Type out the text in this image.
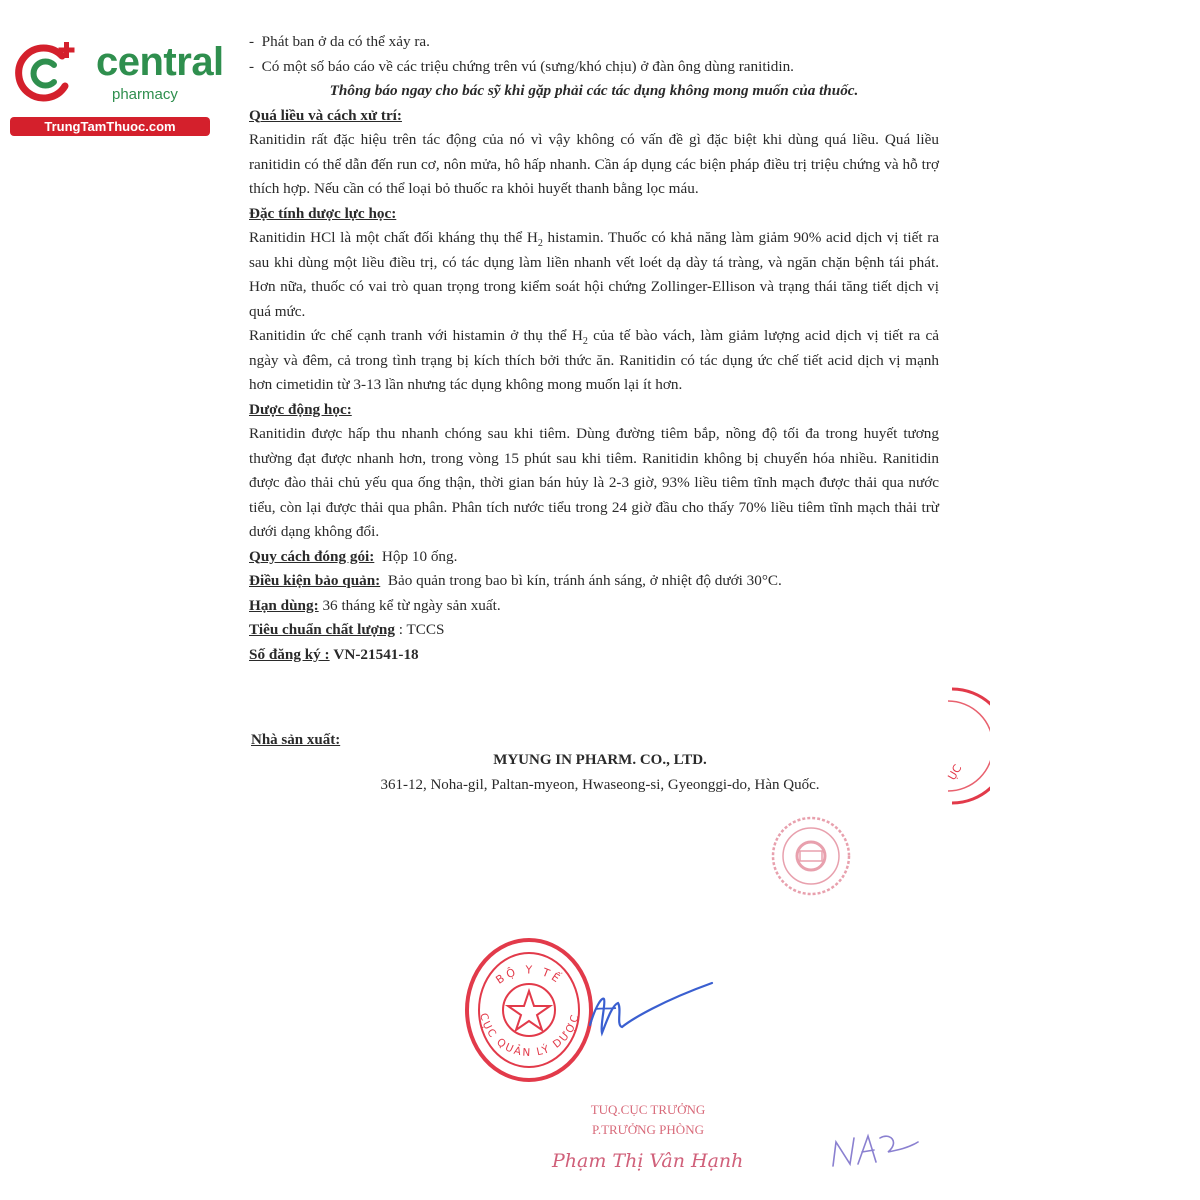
central
pharmacy
TrungTamThuoc.com

-  Phát ban ở da có thể xảy ra.

-  Có một số báo cáo về các triệu chứng trên vú (sưng/khó chịu) ở đàn ông dùng ranitidin.

Thông báo ngay cho bác sỹ khi gặp phải các tác dụng không mong muốn của thuốc.

Quá liều và cách xử trí:

Ranitidin rất đặc hiệu trên tác động của nó vì vậy không có vấn đề gì đặc biệt khi dùng quá liều. Quá liều ranitidin có thể dẫn đến run cơ, nôn mửa, hô hấp nhanh. Cần áp dụng các biện pháp điều trị triệu chứng và hỗ trợ thích hợp. Nếu cần có thể loại bỏ thuốc ra khỏi huyết thanh bằng lọc máu.

Đặc tính dược lực học:

Ranitidin HCl là một chất đối kháng thụ thể $H_2$ histamin. Thuốc có khả năng làm giảm 90% acid dịch vị tiết ra sau khi dùng một liều điều trị, có tác dụng làm liền nhanh vết loét dạ dày tá tràng, và ngăn chặn bệnh tái phát. Hơn nữa, thuốc có vai trò quan trọng trong kiểm soát hội chứng Zollinger-Ellison và trạng thái tăng tiết dịch vị quá mức.

Ranitidin ức chế cạnh tranh với histamin ở thụ thể $H_2$ của tế bào vách, làm giảm lượng acid dịch vị tiết ra cả ngày và đêm, cả trong tình trạng bị kích thích bởi thức ăn. Ranitidin có tác dụng ức chế tiết acid dịch vị mạnh hơn cimetidin từ 3-13 lần nhưng tác dụng không mong muốn lại ít hơn.

Dược động học:

Ranitidin được hấp thu nhanh chóng sau khi tiêm. Dùng đường tiêm bắp, nồng độ tối đa trong huyết tương thường đạt được nhanh hơn, trong vòng 15 phút sau khi tiêm. Ranitidin không bị chuyển hóa nhiều. Ranitidin được đào thải chủ yếu qua ống thận, thời gian bán hủy là 2-3 giờ, 93% liều tiêm tĩnh mạch được thải qua nước tiểu, còn lại được thải qua phân. Phân tích nước tiểu trong 24 giờ đầu cho thấy 70% liều tiêm tĩnh mạch thải trừ dưới dạng không đổi.

Quy cách đóng gói: Hộp 10 ống.

Điều kiện bảo quản: Bảo quản trong bao bì kín, tránh ánh sáng, ở nhiệt độ dưới 30°C.

Hạn dùng: 36 tháng kể từ ngày sản xuất.

Tiêu chuẩn chất lượng : TCCS

Số đăng ký : VN-21541-18

Nhà sản xuất:
MYUNG IN PHARM. CO., LTD.
361-12, Noha-gil, Paltan-myeon, Hwaseong-si, Gyeonggi-do, Hàn Quốc.
ỤC
BỘ Y TẾ
CỤC QUẢN LÝ DƯỢC
TUQ.CỤC TRƯỞNG
P.TRƯỞNG PHÒNG
Phạm Thị Vân Hạnh
